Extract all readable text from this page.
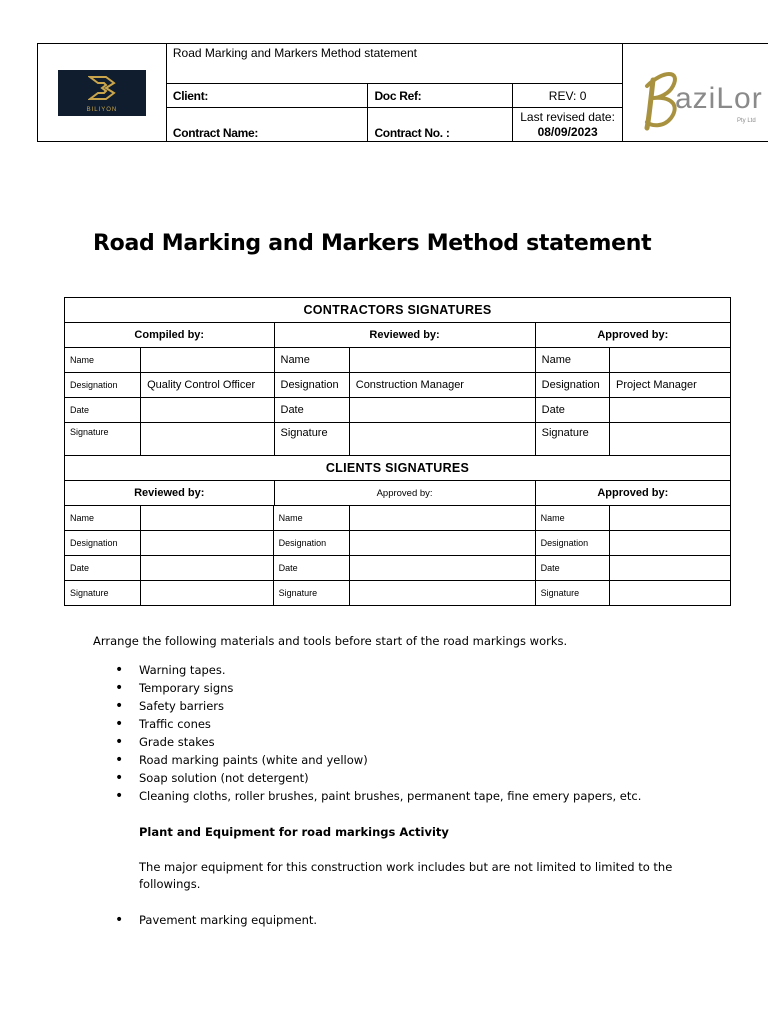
BILIYON	Road Marking and Markers Method statement			aziLor
Pty Ltd

	Client:	Doc Ref:	REV: 0	
	Contract Name:	Contract No. :	Last revised date:
08/09/2023	
Road Marking and Markers Method statement
CONTRACTORS SIGNATURES					
Compiled by:		Reviewed by:		Approved by:	
Name		Name		Name	
Designation	Quality Control Officer	Designation	Construction Manager	Designation	Project Manager
Date		Date		Date	
Signature		Signature		Signature	
CLIENTS SIGNATURES					
Reviewed by:		Approved by:		Approved by:	
Name		Name		Name	
Designation		Designation		Designation	
Date		Date		Date	
Signature		Signature		Signature	
Arrange the following materials and tools before start of the road markings works.
• Warning tapes.
• Temporary signs
• Safety barriers
• Traffic cones
• Grade stakes
• Road marking paints (white and yellow)
• Soap solution (not detergent)
• Cleaning cloths, roller brushes, paint brushes, permanent tape, fine emery papers, etc.
Plant and Equipment for road markings Activity
The major equipment for this construction work includes but are not limited to limited to the followings.
• Pavement marking equipment.
